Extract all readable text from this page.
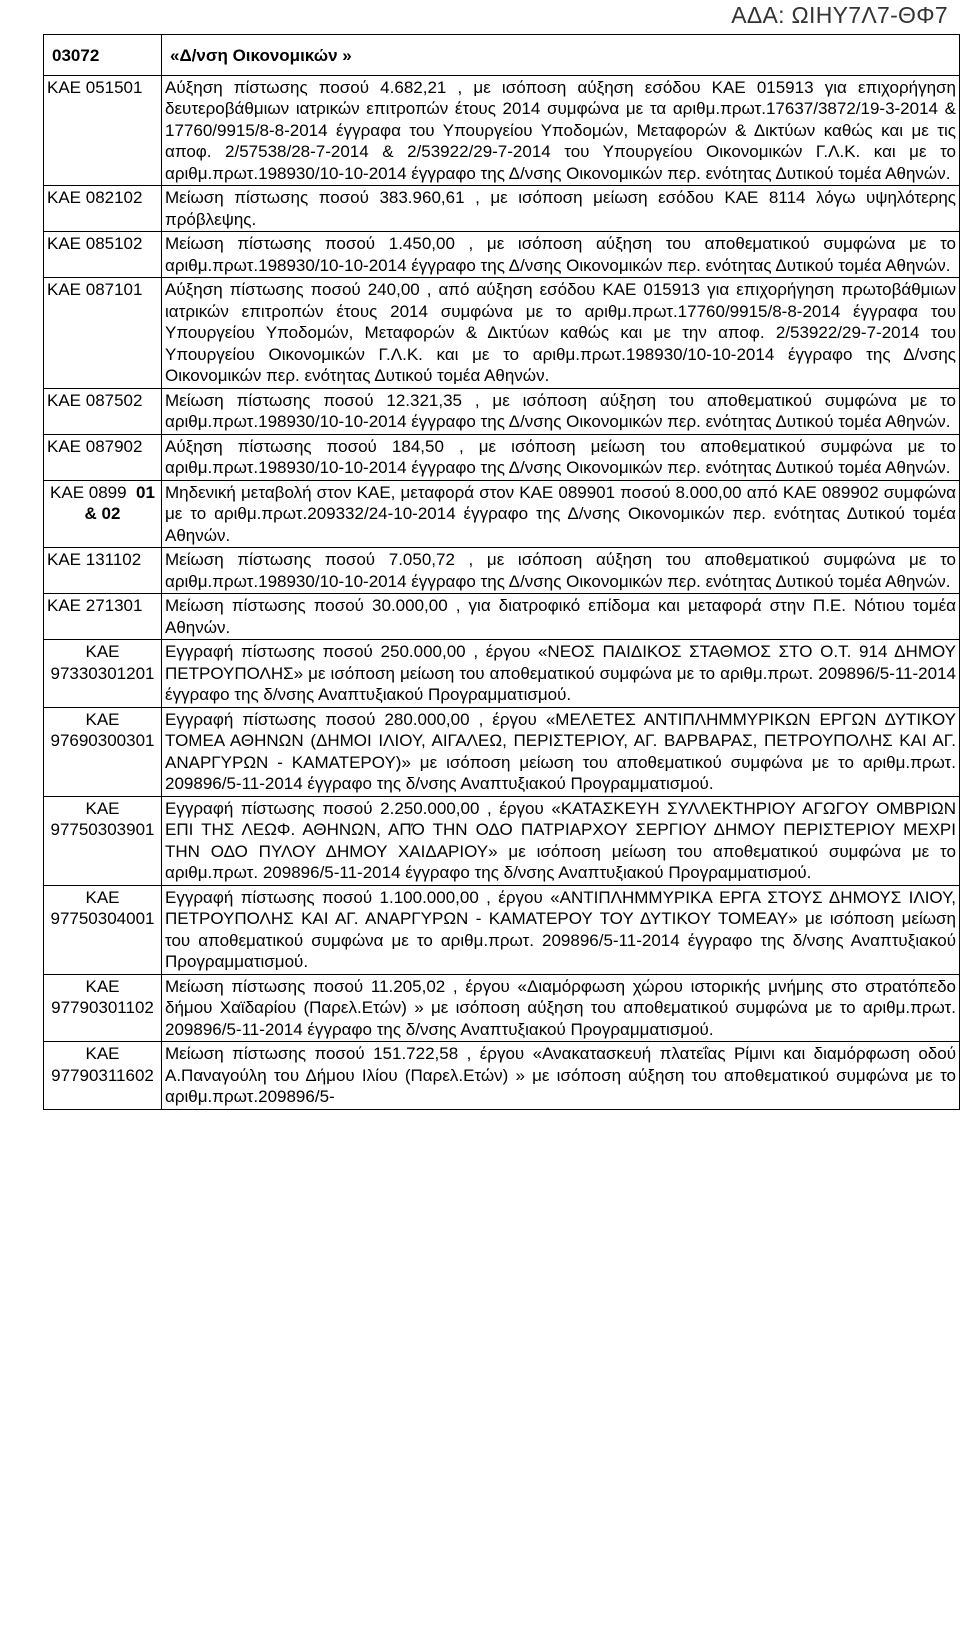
ΑΔΑ: ΩΙΗΥ7Λ7-ΘΦ7
03072	«Δ/νση Οικονομικών »
ΚΑΕ 051501	Αύξηση πίστωσης ποσού 4.682,21 , με ισόποση αύξηση εσόδου ΚΑΕ 015913 για επιχορήγηση δευτεροβάθμιων ιατρικών επιτροπών έτους 2014 συμφώνα με τα αριθμ.πρωτ.17637/3872/19-3-2014 & 17760/9915/8-8-2014 έγγραφα του Υπουργείου Υποδομών, Μεταφορών & Δικτύων καθώς και με τις αποφ. 2/57538/28-7-2014 & 2/53922/29-7-2014 του Υπουργείου Οικονομικών Γ.Λ.Κ. και με το αριθμ.πρωτ.198930/10-10-2014 έγγραφο της Δ/νσης Οικονομικών περ. ενότητας Δυτικού τομέα Αθηνών.
ΚΑΕ 082102	Μείωση πίστωσης ποσού 383.960,61 , με ισόποση μείωση εσόδου ΚΑΕ 8114 λόγω υψηλότερης πρόβλεψης.
ΚΑΕ 085102	Μείωση πίστωσης ποσού 1.450,00 , με ισόποση αύξηση του αποθεματικού συμφώνα με το αριθμ.πρωτ.198930/10-10-2014 έγγραφο της Δ/νσης Οικονομικών περ. ενότητας Δυτικού τομέα Αθηνών.
ΚΑΕ 087101	Αύξηση πίστωσης ποσού 240,00 , από αύξηση εσόδου ΚΑΕ 015913 για επιχορήγηση πρωτοβάθμιων ιατρικών επιτροπών έτους 2014 συμφώνα με το αριθμ.πρωτ.17760/9915/8-8-2014 έγγραφα του Υπουργείου Υποδομών, Μεταφορών & Δικτύων καθώς και με την αποφ. 2/53922/29-7-2014 του Υπουργείου Οικονομικών Γ.Λ.Κ. και με το αριθμ.πρωτ.198930/10-10-2014 έγγραφο της Δ/νσης Οικονομικών περ. ενότητας Δυτικού τομέα Αθηνών.
ΚΑΕ 087502	Μείωση πίστωσης ποσού 12.321,35 , με ισόποση αύξηση του αποθεματικού συμφώνα με το αριθμ.πρωτ.198930/10-10-2014 έγγραφο της Δ/νσης Οικονομικών περ. ενότητας Δυτικού τομέα Αθηνών.
ΚΑΕ 087902	Αύξηση πίστωσης ποσού 184,50 , με ισόποση μείωση του αποθεματικού συμφώνα με το αριθμ.πρωτ.198930/10-10-2014 έγγραφο της Δ/νσης Οικονομικών περ. ενότητας Δυτικού τομέα Αθηνών.
ΚΑΕ 0899  01
& 02	Μηδενική μεταβολή στον ΚΑΕ, μεταφορά στον ΚΑΕ 089901 ποσού 8.000,00 από ΚΑΕ 089902 συμφώνα με το αριθμ.πρωτ.209332/24-10-2014 έγγραφο της Δ/νσης Οικονομικών περ. ενότητας Δυτικού τομέα Αθηνών.
ΚΑΕ 131102	Μείωση πίστωσης ποσού 7.050,72 , με ισόποση αύξηση του αποθεματικού συμφώνα με το αριθμ.πρωτ.198930/10-10-2014 έγγραφο της Δ/νσης Οικονομικών περ. ενότητας Δυτικού τομέα Αθηνών.
ΚΑΕ 271301	Μείωση πίστωσης ποσού 30.000,00 , για διατροφικό επίδομα και μεταφορά στην Π.Ε. Νότιου τομέα Αθηνών.
ΚΑΕ
97330301201	Εγγραφή πίστωσης ποσού 250.000,00 , έργου «ΝΕΟΣ ΠΑΙΔΙΚΟΣ ΣΤΑΘΜΟΣ ΣΤΟ Ο.Τ. 914 ΔΗΜΟΥ ΠΕΤΡΟΥΠΟΛΗΣ» με ισόποση μείωση του αποθεματικού συμφώνα με το αριθμ.πρωτ. 209896/5-11-2014 έγγραφο της δ/νσης Αναπτυξιακού Προγραμματισμού.
ΚΑΕ
97690300301	Εγγραφή πίστωσης ποσού 280.000,00 , έργου «ΜΕΛΕΤΕΣ ΑΝΤΙΠΛΗΜΜΥΡΙΚΩΝ ΕΡΓΩΝ ΔΥΤΙΚΟΥ ΤΟΜΕΑ ΑΘΗΝΩΝ (ΔΗΜΟΙ ΙΛΙΟΥ, ΑΙΓΑΛΕΩ, ΠΕΡΙΣΤΕΡΙΟΥ, ΑΓ. ΒΑΡΒΑΡΑΣ, ΠΕΤΡΟΥΠΟΛΗΣ ΚΑΙ ΑΓ. ΑΝΑΡΓΥΡΩΝ - ΚΑΜΑΤΕΡΟΥ)» με ισόποση μείωση του αποθεματικού συμφώνα με το αριθμ.πρωτ. 209896/5-11-2014 έγγραφο της δ/νσης Αναπτυξιακού Προγραμματισμού.
ΚΑΕ
97750303901	Εγγραφή πίστωσης ποσού 2.250.000,00 , έργου «ΚΑΤΑΣΚΕΥΗ ΣΥΛΛΕΚΤΗΡΙΟΥ ΑΓΩΓΟΥ ΟΜΒΡΙΩΝ ΕΠΙ ΤΗΣ ΛΕΩΦ. ΑΘΗΝΩΝ, ΑΠΌ ΤΗΝ ΟΔΟ ΠΑΤΡΙΑΡΧΟΥ ΣΕΡΓΙΟΥ ΔΗΜΟΥ ΠΕΡΙΣΤΕΡΙΟΥ ΜΕΧΡΙ ΤΗΝ ΟΔΟ ΠΥΛΟΥ ΔΗΜΟΥ ΧΑΙΔΑΡΙΟΥ» με ισόποση μείωση του αποθεματικού συμφώνα με το αριθμ.πρωτ. 209896/5-11-2014 έγγραφο της δ/νσης Αναπτυξιακού Προγραμματισμού.
ΚΑΕ
97750304001	Εγγραφή πίστωσης ποσού 1.100.000,00 , έργου «ΑΝΤΙΠΛΗΜΜΥΡΙΚΑ ΕΡΓΑ ΣΤΟΥΣ ΔΗΜΟΥΣ ΙΛΙΟΥ, ΠΕΤΡΟΥΠΟΛΗΣ ΚΑΙ ΑΓ. ΑΝΑΡΓΥΡΩΝ - ΚΑΜΑΤΕΡΟΥ ΤΟΥ ΔΥΤΙΚΟΥ ΤΟΜΕΑΥ» με ισόποση μείωση του αποθεματικού συμφώνα με το αριθμ.πρωτ. 209896/5-11-2014 έγγραφο της δ/νσης Αναπτυξιακού Προγραμματισμού.
ΚΑΕ
97790301102	Μείωση πίστωσης ποσού 11.205,02 , έργου «Διαμόρφωση χώρου ιστορικής μνήμης στο στρατόπεδο δήμου Χαϊδαρίου (Παρελ.Ετών) » με ισόποση αύξηση του αποθεματικού συμφώνα με το αριθμ.πρωτ. 209896/5-11-2014 έγγραφο της δ/νσης Αναπτυξιακού Προγραμματισμού.
ΚΑΕ
97790311602	Μείωση πίστωσης ποσού 151.722,58 , έργου «Ανακατασκευή πλατεΐας Ρίμινι και διαμόρφωση οδού Α.Παναγούλη του Δήμου Ιλίου (Παρελ.Ετών) » με ισόποση αύξηση του αποθεματικού συμφώνα με το αριθμ.πρωτ.209896/5-
